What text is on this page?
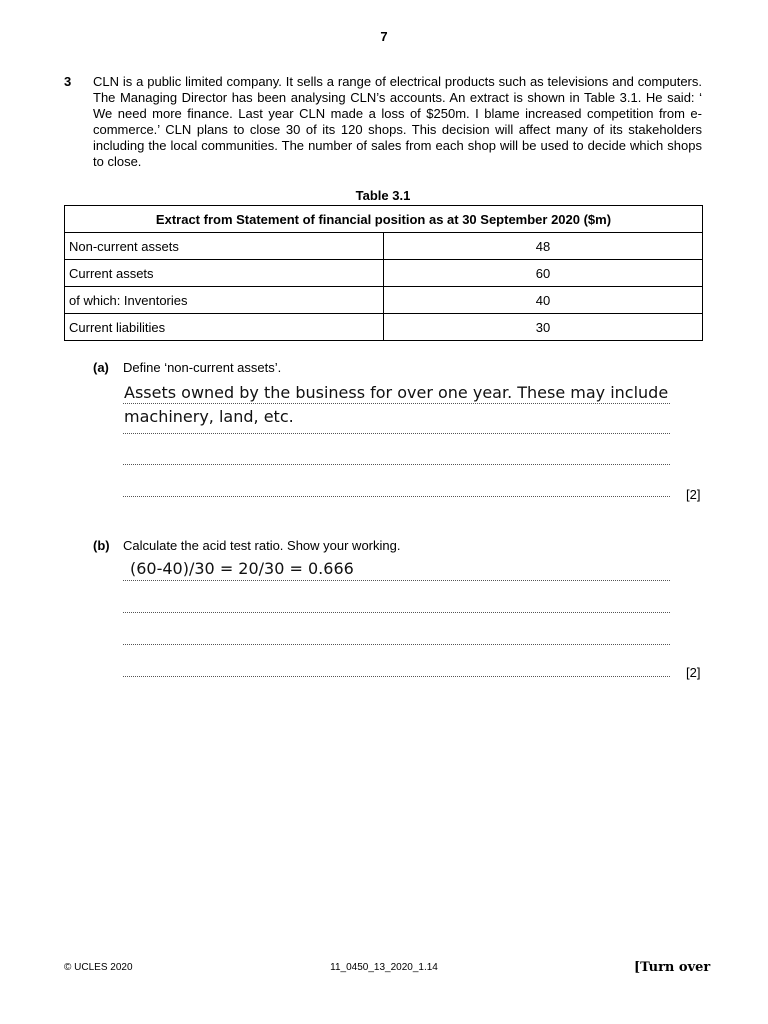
7
3 CLN is a public limited company. It sells a range of electrical products such as televisions and computers. The Managing Director has been analysing CLN’s accounts. An extract is shown in Table 3.1. He said: ‘ We need more finance. Last year CLN made a loss of $250m. I blame increased competition from e-commerce.’ CLN plans to close 30 of its 120 shops. This decision will affect many of its stakeholders including the local communities. The number of sales from each shop will be used to decide which shops to close.
Table 3.1
Extract from Statement of financial position as at 30 September 2020 ($m)	
Non-current assets	48
Current assets	60
of which: Inventories	40
Current liabilities	30
(a) Define ‘non-current assets’.
Assets owned by the business for over one year. These may include
machinery, land, etc.
[2]
(b) Calculate the acid test ratio. Show your working.
(60-40)/30 = 20/30 = 0.666
[2]
© UCLES 2020	11_0450_13_2020_1.14	[Turn over
